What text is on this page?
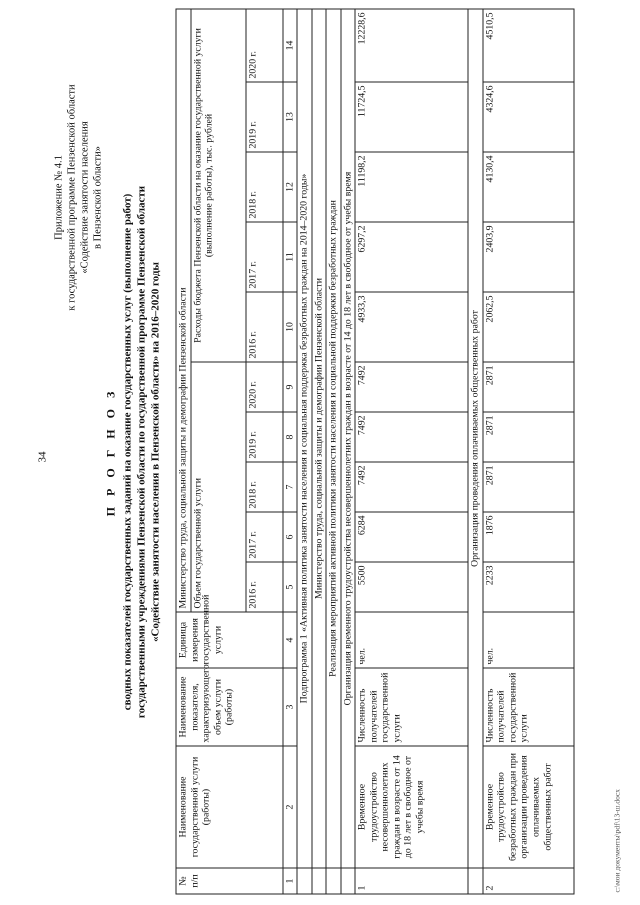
34
Приложение № 4.1 к государственной программе Пензенской области «Содействие занятости населения в Пензенской области»
П Р О Г Н О З сводных показателей государственных заданий на оказание государственных услуг (выполнение работ) государственными учреждениями Пензенской области по государственной программе Пензенской области «Содействие занятости населения в Пензенской области» на 2016–2020 годы
№ п/п	Наименование государственной услуги (работы)	Наименование показателя, характеризующего объем услуги (работы)	Единица измерения государственной услуги	Министерство труда, социальной защиты и демографии Пензенской области									
				Объем государственной услуги					Расходы бюджета Пензенской области на оказание государственной услуги (выполнение работы), тыс. рублей				
				2016 г.	2017 г.	2018 г.	2019 г.	2020 г.	2016 г.	2017 г.	2018 г.	2019 г.	2020 г.
1	2	3	4	5	6	7	8	9	10	11	12	13	14
	Подпрограмма 1 «Активная политика занятости населения и социальная поддержка безработных граждан на 2014–2020 годы»												
	Министерство труда, социальной защиты и демографии Пензенской области												
	Реализация мероприятий активной политики занятости населения и социальной поддержки безработных граждан												
	Организация временного трудоустройства несовершеннолетних граждан в возрасте от 14 до 18 лет в свободное от учебы время												
1	Временное трудоустройство несовершеннолетних граждан в возрасте от 14 до 18 лет в свободное от учебы время	Численность получателей государственной услуги	чел.	5500	6284	7492	7492	7492	4933,3	6297,2	11198,2	11724,5	12228,6
	Организация проведения оплачиваемых общественных работ												
2	Временное трудоустройство безработных граждан при организации проведения оплачиваемых общественных работ	Численность получателей государственной услуги	чел.	2233	1876	2871	2871	2871	2062,5	2403,9	4130,4	4324,6	4510,5
c:\мои документы\pdf\13-ш.docx
